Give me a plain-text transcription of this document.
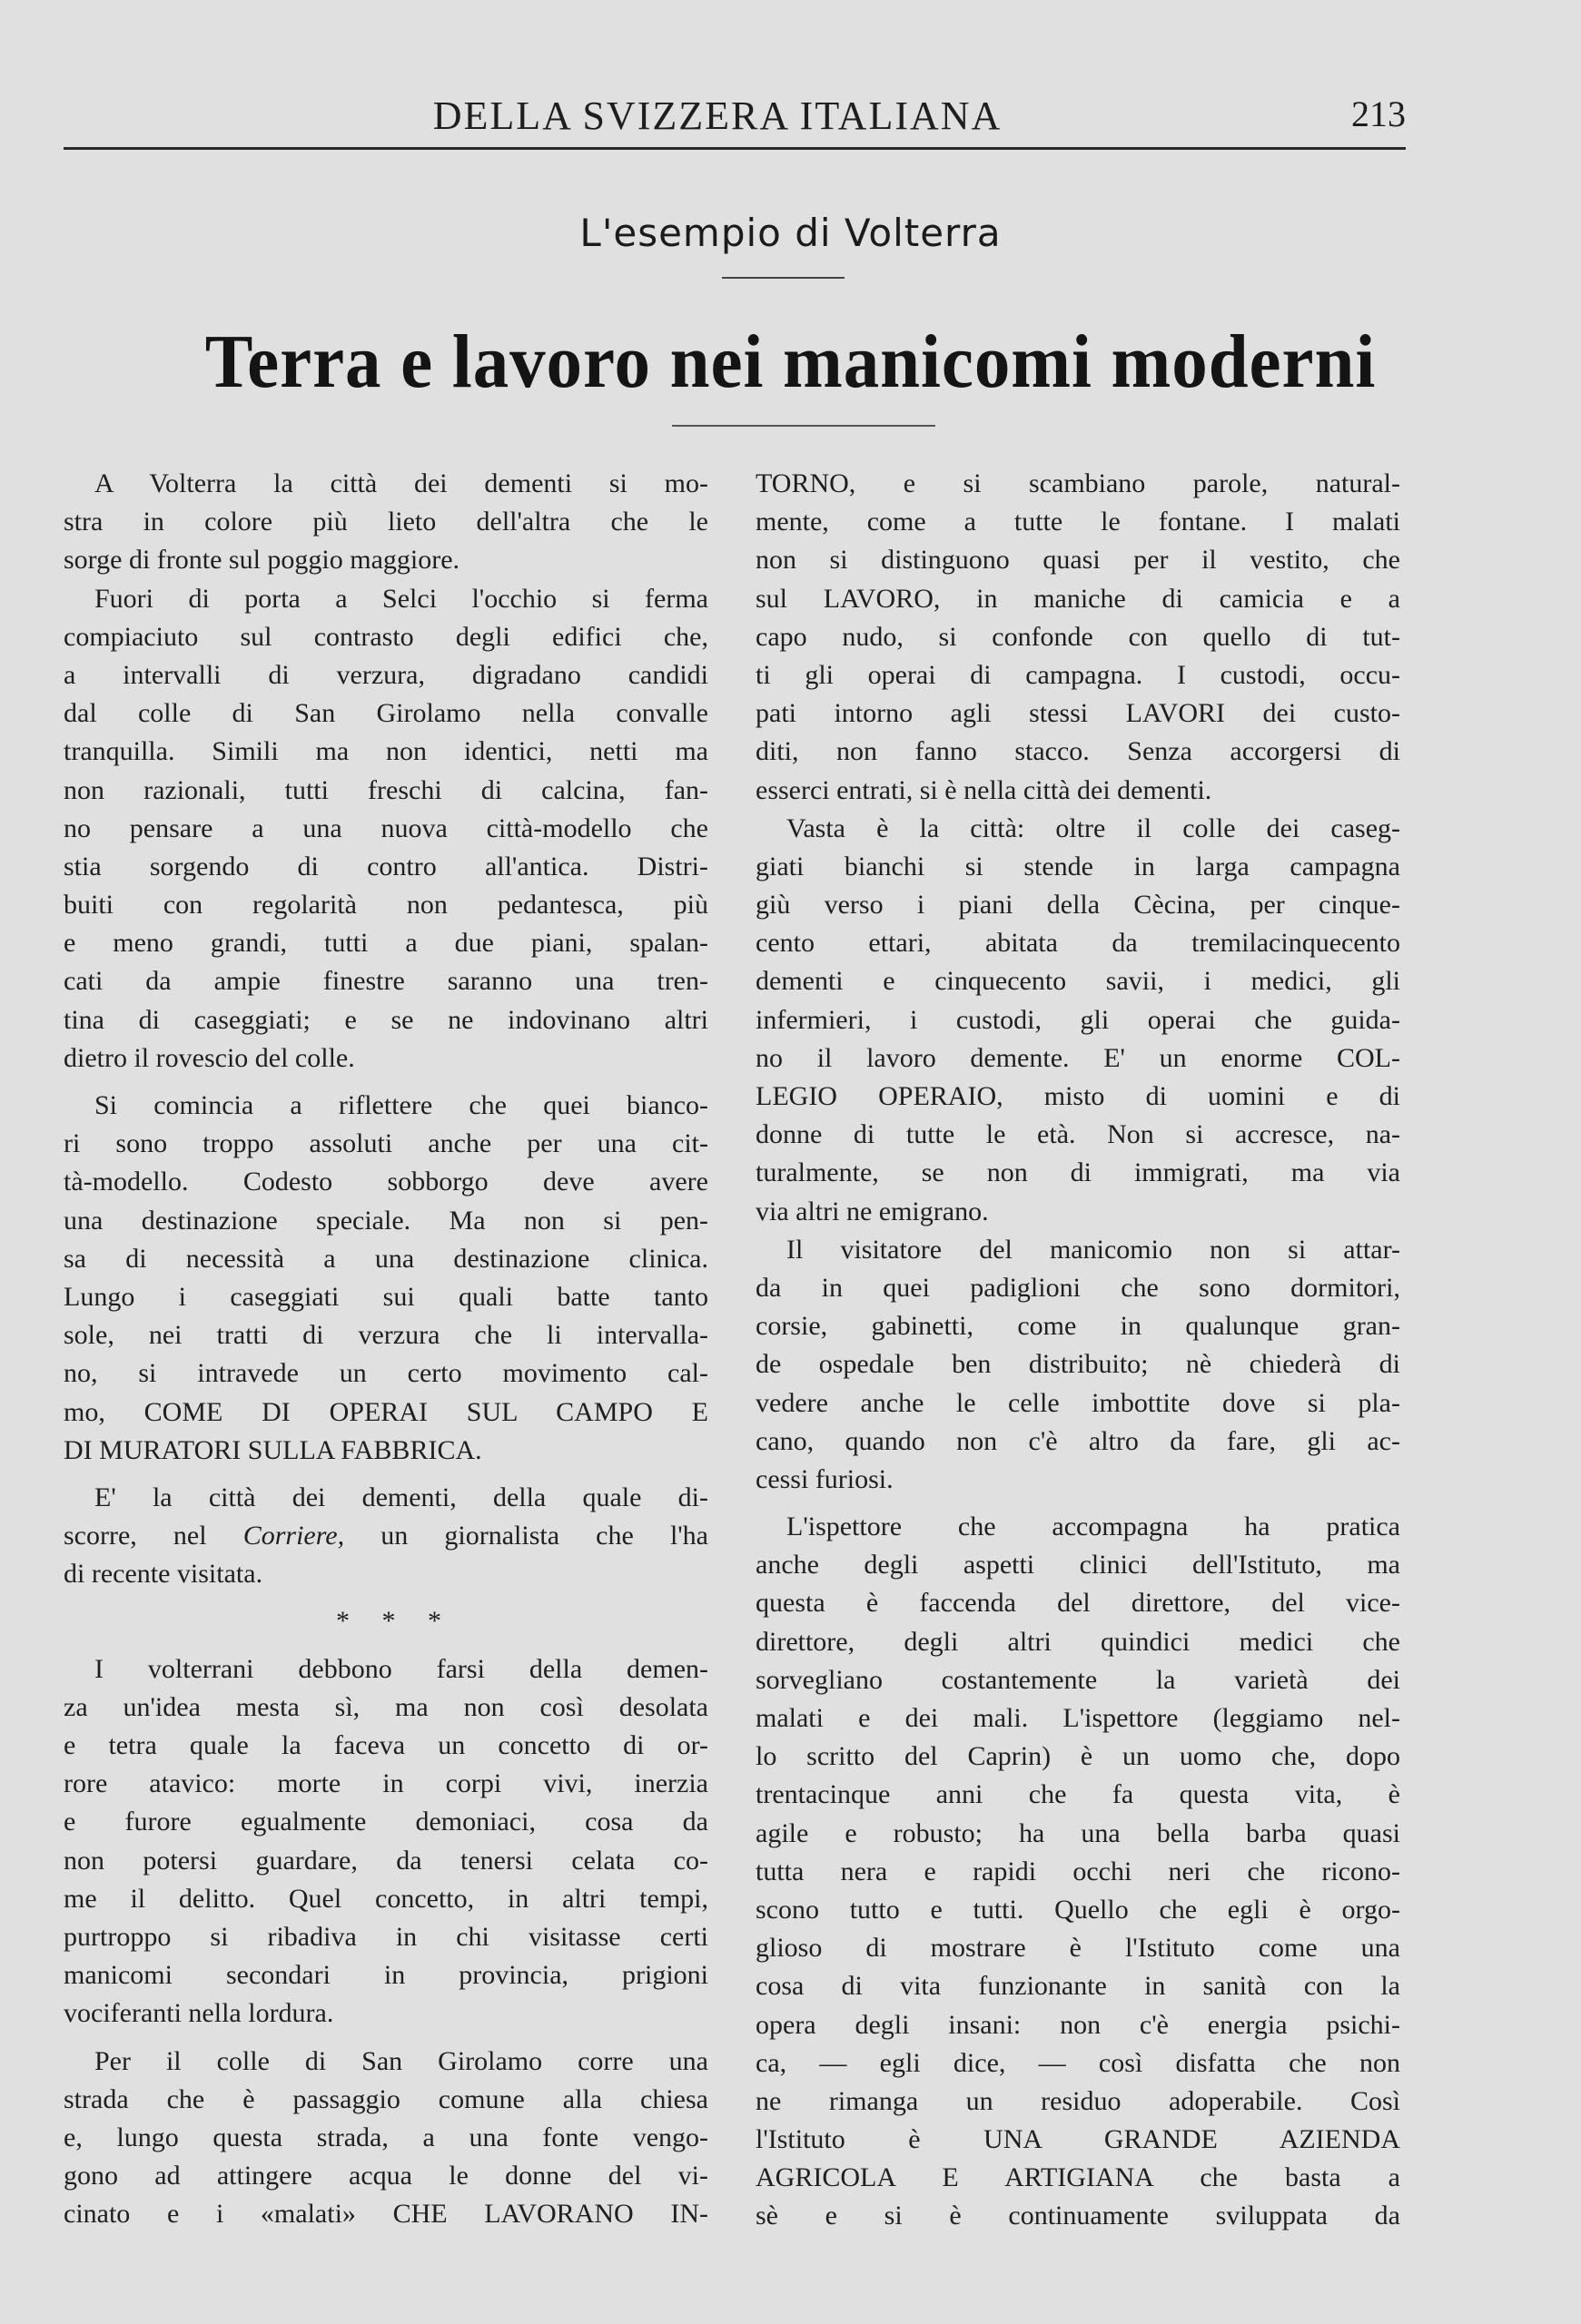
DELLA SVIZZERA ITALIANA	213
L'esempio di Volterra
Terra e lavoro nei manicomi moderni
A Volterra la città dei dementi si mo-
stra in colore più lieto dell'altra che le
sorge di fronte sul poggio maggiore.
Fuori di porta a Selci l'occhio si ferma
compiaciuto sul contrasto degli edifici che,
a intervalli di verzura, digradano candidi
dal colle di San Girolamo nella convalle
tranquilla. Simili ma non identici, netti ma
non razionali, tutti freschi di calcina, fan-
no pensare a una nuova città-modello che
stia sorgendo di contro all'antica. Distri-
buiti con regolarità non pedantesca, più
e meno grandi, tutti a due piani, spalan-
cati da ampie finestre saranno una tren-
tina di caseggiati; e se ne indovinano altri
dietro il rovescio del colle.
Si comincia a riflettere che quei bianco-
ri sono troppo assoluti anche per una cit-
tà-modello. Codesto sobborgo deve avere
una destinazione speciale. Ma non si pen-
sa di necessità a una destinazione clinica.
Lungo i caseggiati sui quali batte tanto
sole, nei tratti di verzura che li intervalla-
no, si intravede un certo movimento cal-
mo, COME DI OPERAI SUL CAMPO E
DI MURATORI SULLA FABBRICA.
E' la città dei dementi, della quale di-
scorre, nel Corriere, un giornalista che l'ha
di recente visitata.
* * *
I volterrani debbono farsi della demen-
za un'idea mesta sì, ma non così desolata
e tetra quale la faceva un concetto di or-
rore atavico: morte in corpi vivi, inerzia
e furore egualmente demoniaci, cosa da
non potersi guardare, da tenersi celata co-
me il delitto. Quel concetto, in altri tempi,
purtroppo si ribadiva in chi visitasse certi
manicomi secondari in provincia, prigioni
vociferanti nella lordura.
Per il colle di San Girolamo corre una
strada che è passaggio comune alla chiesa
e, lungo questa strada, a una fonte vengo-
gono ad attingere acqua le donne del vi-
cinato e i «malati» CHE LAVORANO IN-
TORNO, e si scambiano parole, natural-
mente, come a tutte le fontane. I malati
non si distinguono quasi per il vestito, che
sul LAVORO, in maniche di camicia e a
capo nudo, si confonde con quello di tut-
ti gli operai di campagna. I custodi, occu-
pati intorno agli stessi LAVORI dei custo-
diti, non fanno stacco. Senza accorgersi di
esserci entrati, si è nella città dei dementi.
Vasta è la città: oltre il colle dei caseg-
giati bianchi si stende in larga campagna
giù verso i piani della Cècina, per cinque-
cento ettari, abitata da tremilacinquecento
dementi e cinquecento savii, i medici, gli
infermieri, i custodi, gli operai che guida-
no il lavoro demente. E' un enorme COL-
LEGIO OPERAIO, misto di uomini e di
donne di tutte le età. Non si accresce, na-
turalmente, se non di immigrati, ma via
via altri ne emigrano.
Il visitatore del manicomio non si attar-
da in quei padiglioni che sono dormitori,
corsie, gabinetti, come in qualunque gran-
de ospedale ben distribuito; nè chiederà di
vedere anche le celle imbottite dove si pla-
cano, quando non c'è altro da fare, gli ac-
cessi furiosi.
L'ispettore che accompagna ha pratica
anche degli aspetti clinici dell'Istituto, ma
questa è faccenda del direttore, del vice-
direttore, degli altri quindici medici che
sorvegliano costantemente la varietà dei
malati e dei mali. L'ispettore (leggiamo nel-
lo scritto del Caprin) è un uomo che, dopo
trentacinque anni che fa questa vita, è
agile e robusto; ha una bella barba quasi
tutta nera e rapidi occhi neri che ricono-
scono tutto e tutti. Quello che egli è orgo-
glioso di mostrare è l'Istituto come una
cosa di vita funzionante in sanità con la
opera degli insani: non c'è energia psichi-
ca, — egli dice, — così disfatta che non
ne rimanga un residuo adoperabile. Così
l'Istituto è UNA GRANDE AZIENDA
AGRICOLA E ARTIGIANA che basta a
sè e si è continuamente sviluppata da
